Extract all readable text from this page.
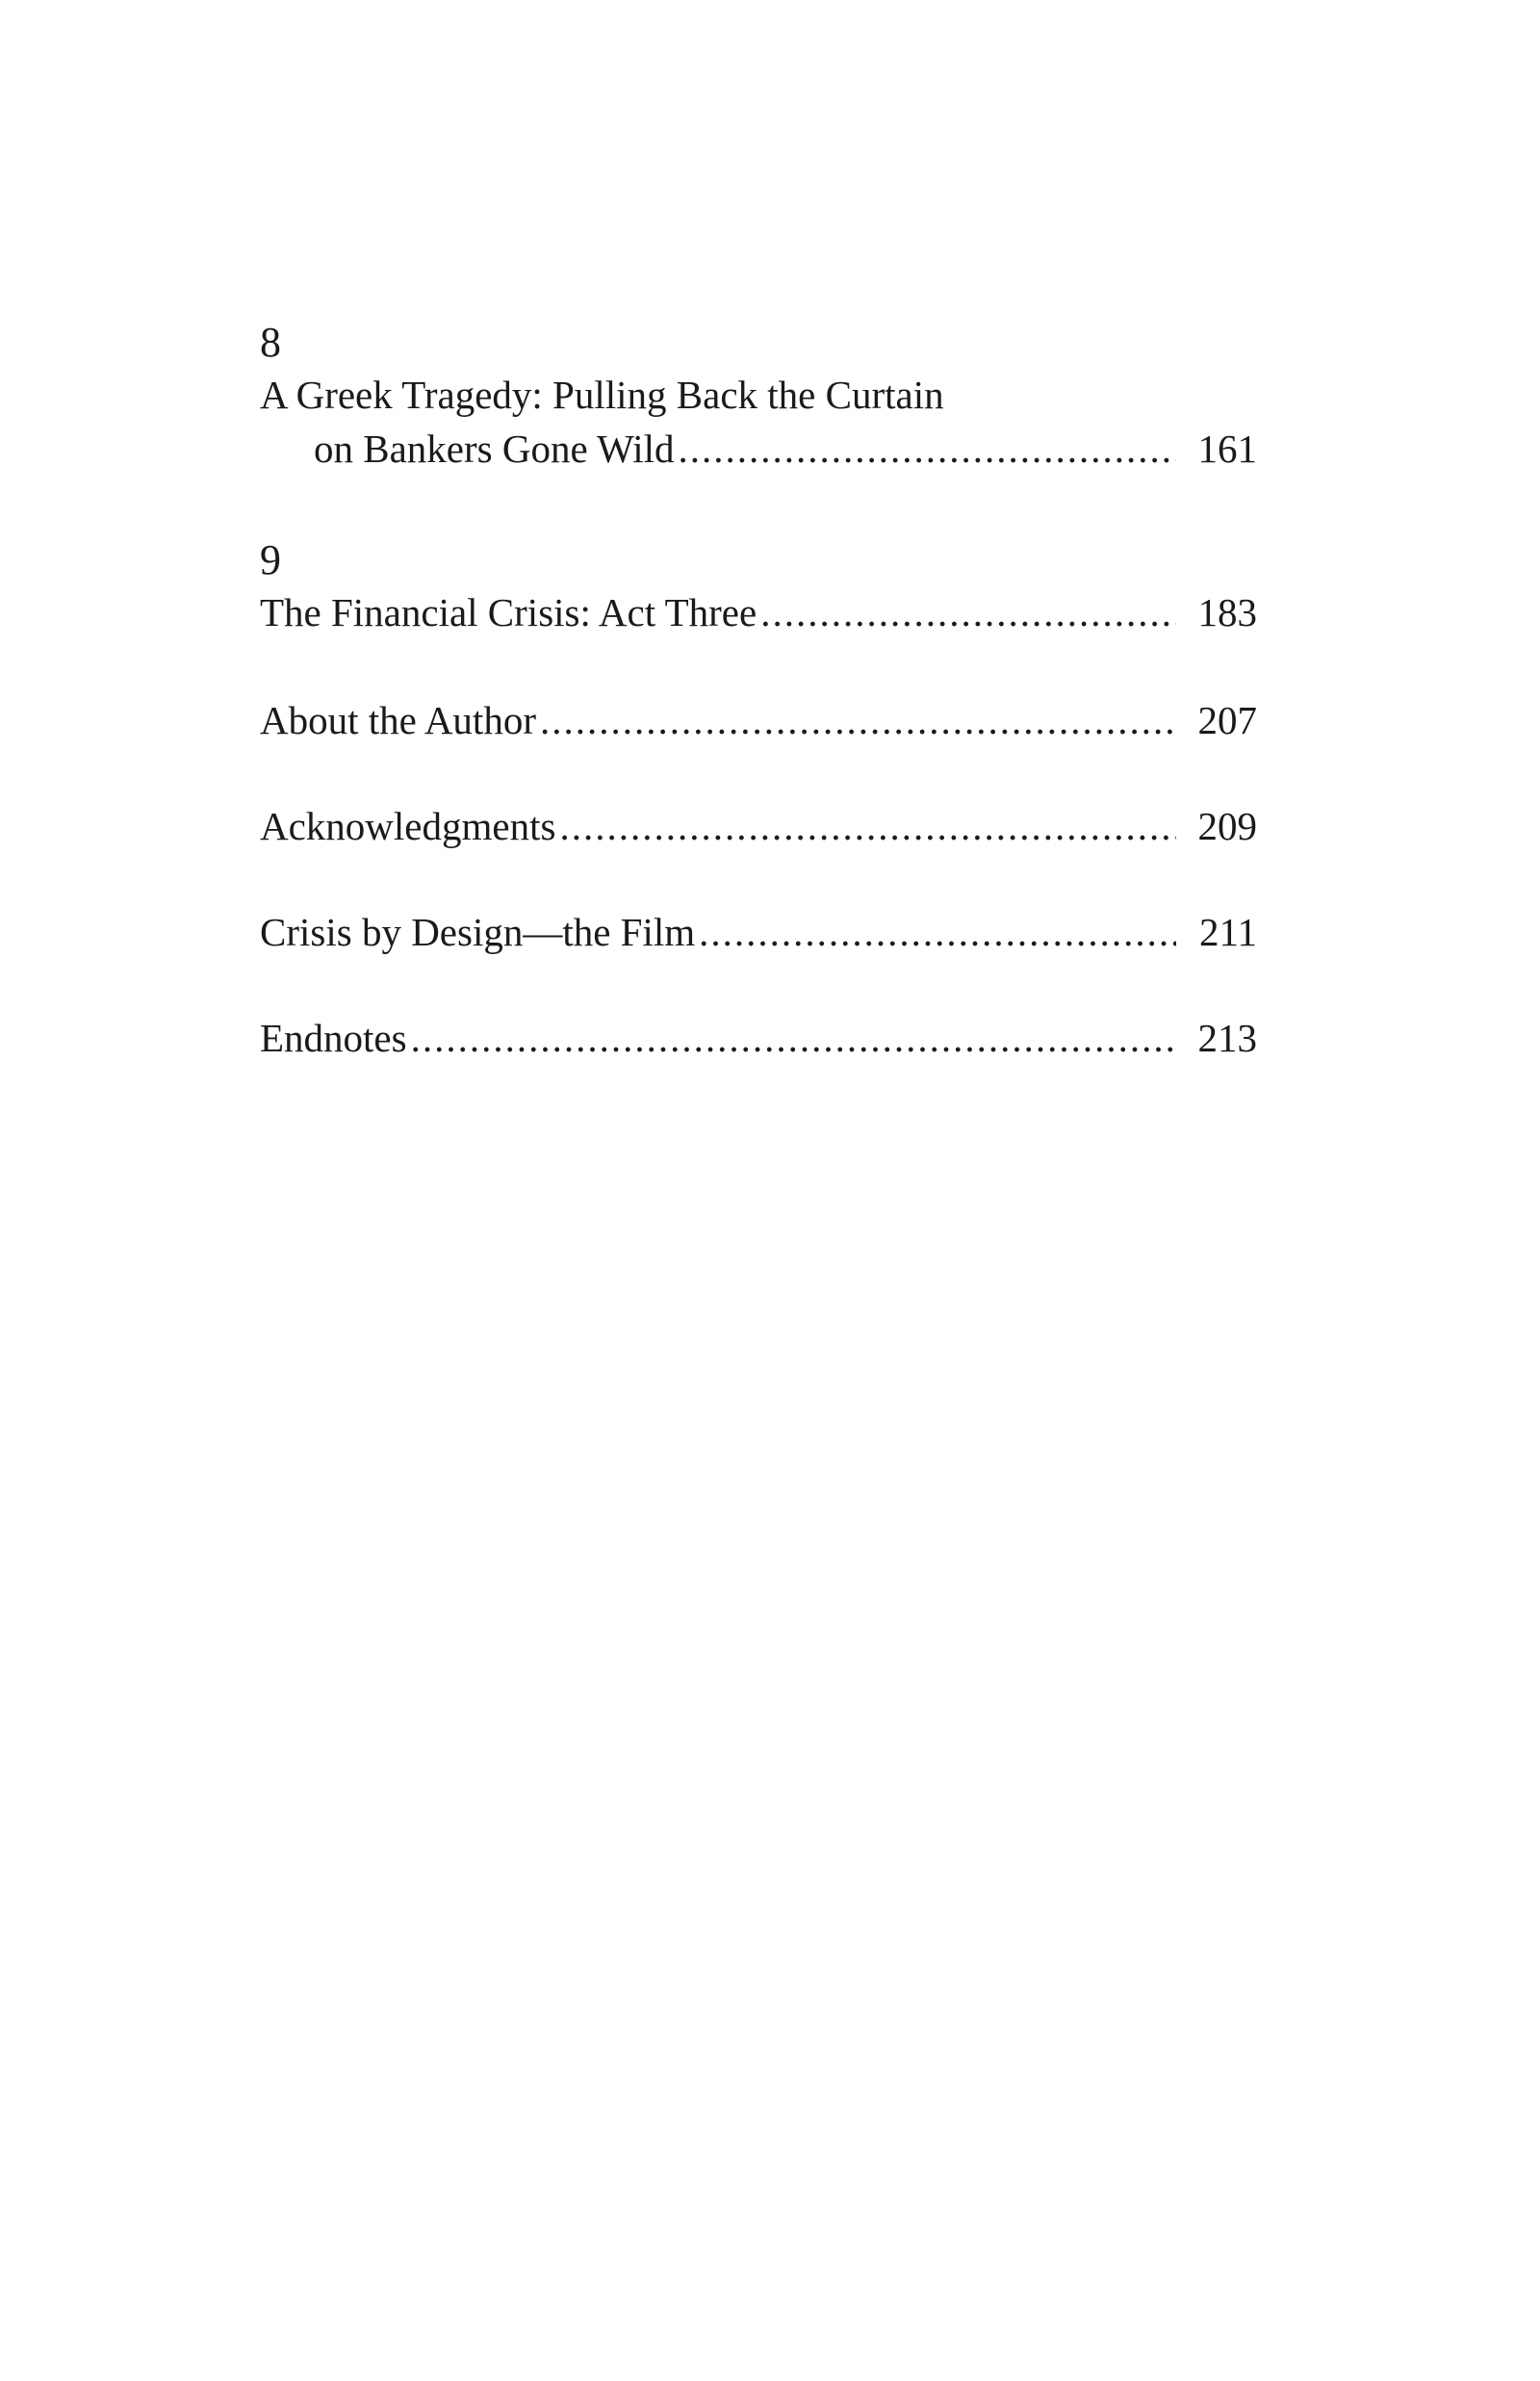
8
A Greek Tragedy: Pulling Back the Curtain
on Bankers Gone Wild .....	161
9
The Financial Crisis: Act Three .....	183
About the Author .....	207
Acknowledgments .....	209
Crisis by Design—the Film .....	211
Endnotes .....	213
